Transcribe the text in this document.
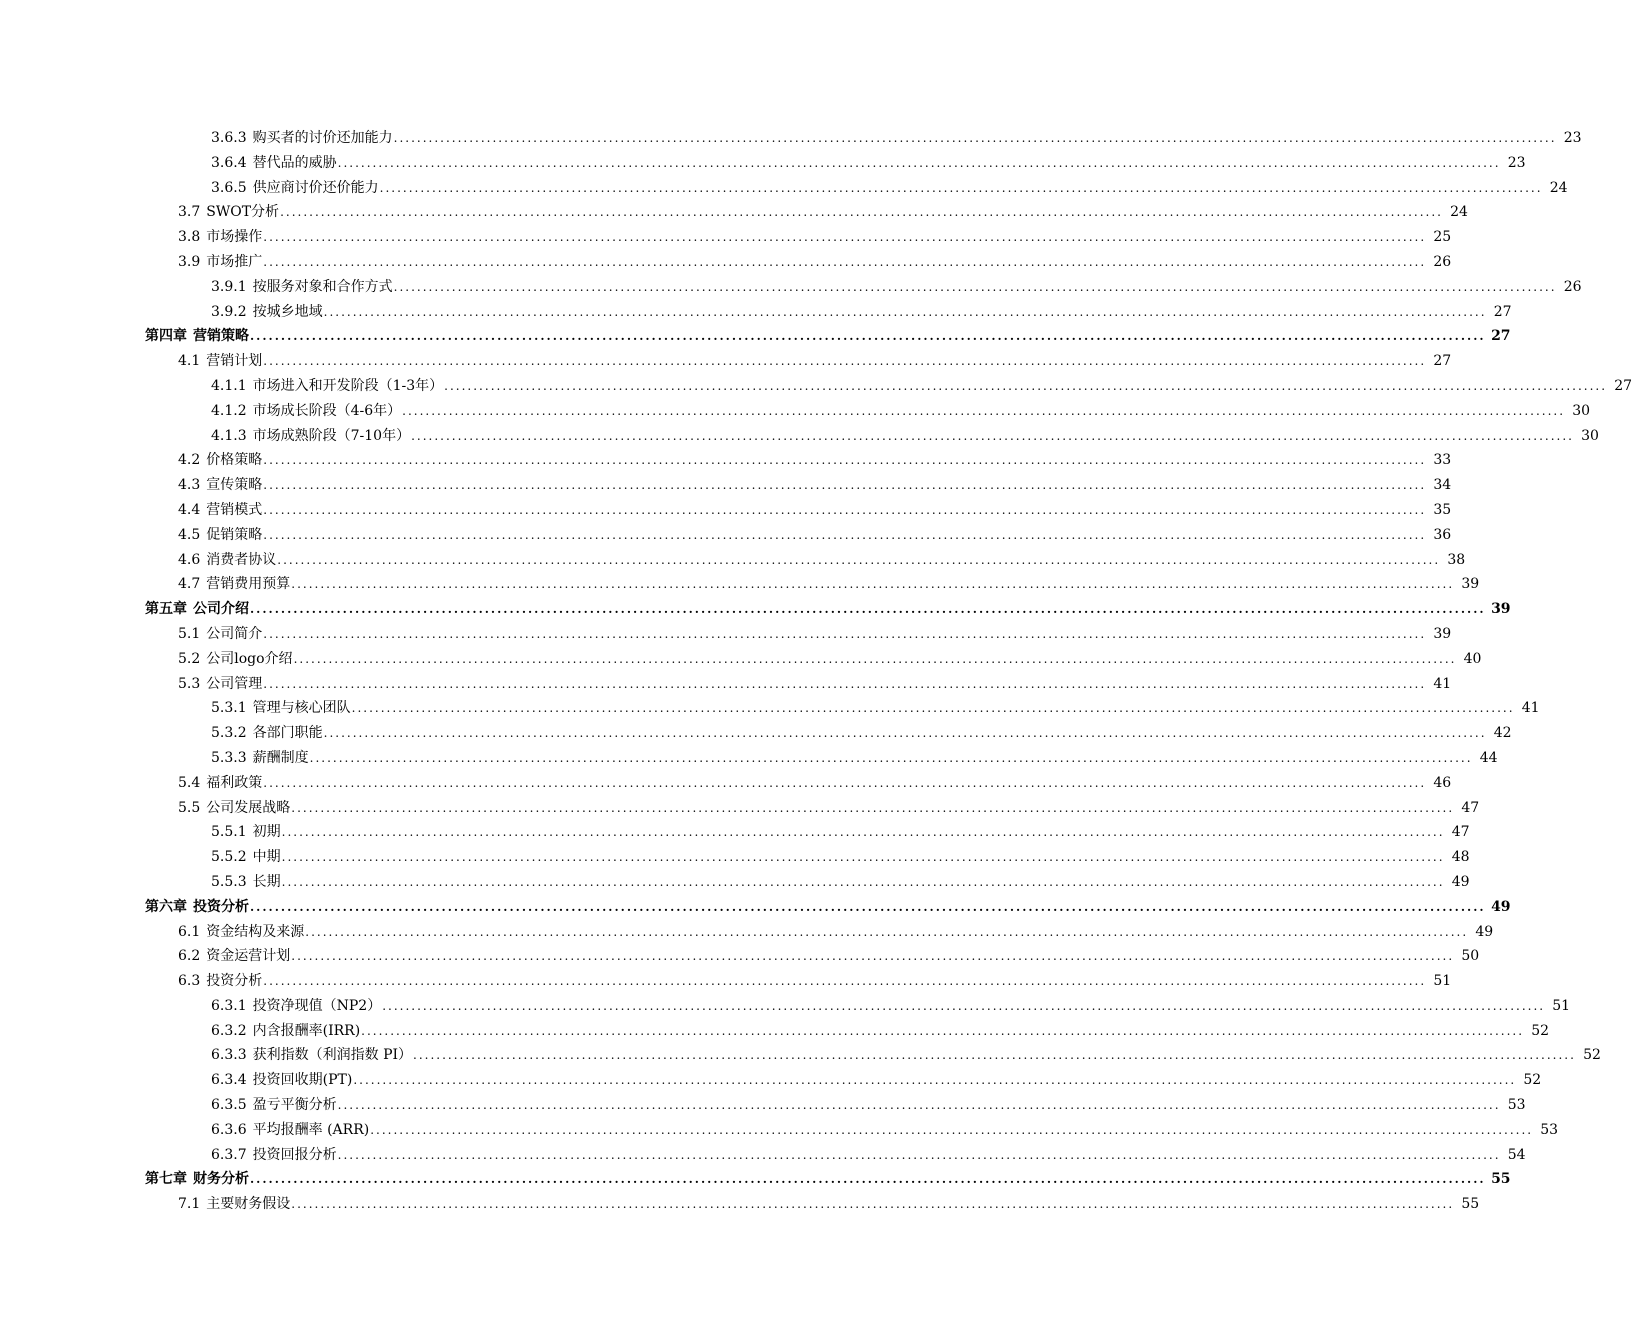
3.6.3 购买者的讨价还加能力 ........................................................................................................................................................................................................ 23
3.6.4 替代品的威胁 ........................................................................................................................................................................................................ 23
3.6.5 供应商讨价还价能力 ........................................................................................................................................................................................................ 24
3.7 SWOT分析 ........................................................................................................................................................................................................ 24
3.8 市场操作 ........................................................................................................................................................................................................ 25
3.9 市场推广 ........................................................................................................................................................................................................ 26
3.9.1 按服务对象和合作方式 ........................................................................................................................................................................................................ 26
3.9.2 按城乡地域 ........................................................................................................................................................................................................ 27
第四章 营销策略 ........................................................................................................................................................................................................ 27
4.1 营销计划 ........................................................................................................................................................................................................ 27
4.1.1 市场进入和开发阶段（1-3年） ........................................................................................................................................................................................................ 27
4.1.2 市场成长阶段（4-6年） ........................................................................................................................................................................................................ 30
4.1.3 市场成熟阶段（7-10年） ........................................................................................................................................................................................................ 30
4.2 价格策略 ........................................................................................................................................................................................................ 33
4.3 宣传策略 ........................................................................................................................................................................................................ 34
4.4 营销模式 ........................................................................................................................................................................................................ 35
4.5 促销策略 ........................................................................................................................................................................................................ 36
4.6 消费者协议 ........................................................................................................................................................................................................ 38
4.7 营销费用预算 ........................................................................................................................................................................................................ 39
第五章 公司介绍 ........................................................................................................................................................................................................ 39
5.1 公司简介 ........................................................................................................................................................................................................ 39
5.2 公司logo介绍 ........................................................................................................................................................................................................ 40
5.3 公司管理 ........................................................................................................................................................................................................ 41
5.3.1 管理与核心团队 ........................................................................................................................................................................................................ 41
5.3.2 各部门职能 ........................................................................................................................................................................................................ 42
5.3.3 薪酬制度 ........................................................................................................................................................................................................ 44
5.4 福利政策 ........................................................................................................................................................................................................ 46
5.5 公司发展战略 ........................................................................................................................................................................................................ 47
5.5.1 初期 ........................................................................................................................................................................................................ 47
5.5.2 中期 ........................................................................................................................................................................................................ 48
5.5.3 长期 ........................................................................................................................................................................................................ 49
第六章 投资分析 ........................................................................................................................................................................................................ 49
6.1 资金结构及来源 ........................................................................................................................................................................................................ 49
6.2 资金运营计划 ........................................................................................................................................................................................................ 50
6.3 投资分析 ........................................................................................................................................................................................................ 51
6.3.1 投资净现值（NP2） ........................................................................................................................................................................................................ 51
6.3.2 内含报酬率(IRR) ........................................................................................................................................................................................................ 52
6.3.3 获利指数（利润指数 PI） ........................................................................................................................................................................................................ 52
6.3.4 投资回收期(PT) ........................................................................................................................................................................................................ 52
6.3.5 盈亏平衡分析 ........................................................................................................................................................................................................ 53
6.3.6 平均报酬率 (ARR) ........................................................................................................................................................................................................ 53
6.3.7 投资回报分析 ........................................................................................................................................................................................................ 54
第七章 财务分析 ........................................................................................................................................................................................................ 55
7.1 主要财务假设 ........................................................................................................................................................................................................ 55
